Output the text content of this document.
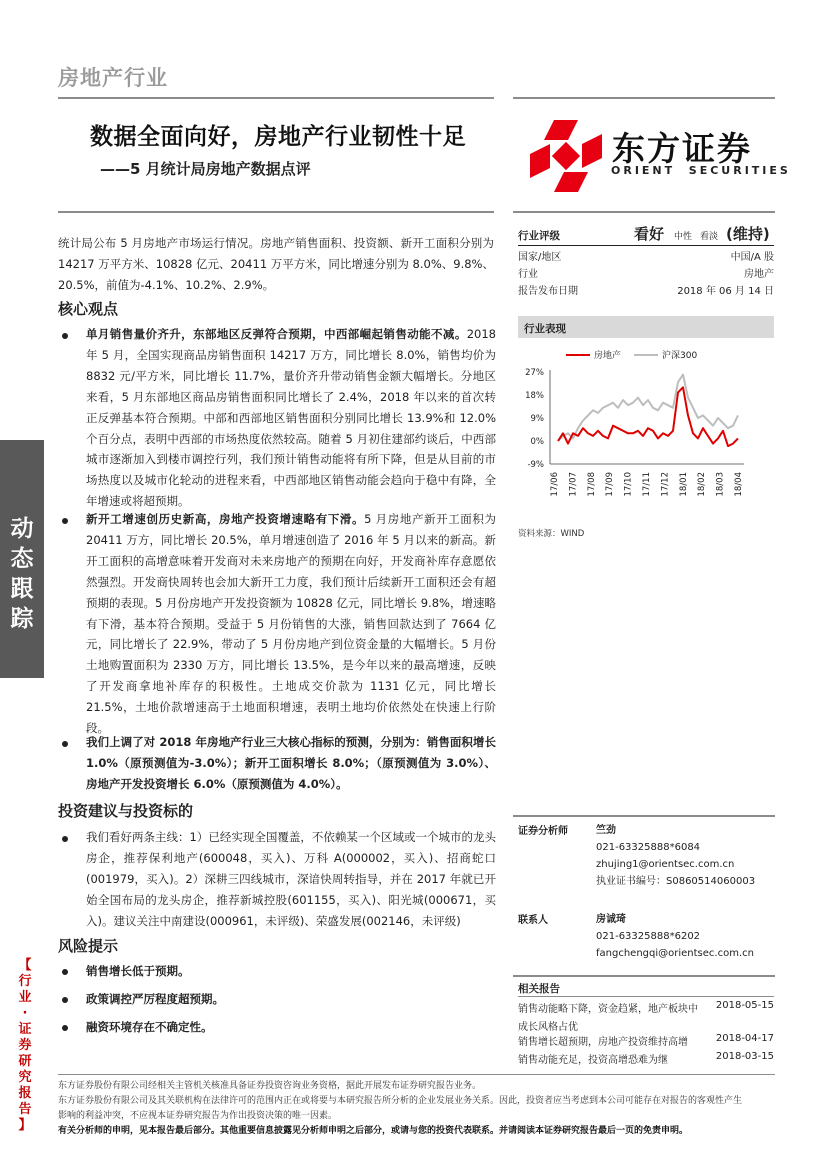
房地产行业
数据全面向好，房地产行业韧性十足
——5 月统计局房地产数据点评
东方证券
ORIENT  SECURITIES
动
态
跟
踪
【
行
业
·
证
券
研
究
报
告
】
统计局公布 5 月房地产市场运行情况。房地产销售面积、投资额、新开工面积分别为 14217 万平方米、10828 亿元、20411 万平方米，同比增速分别为 8.0%、9.8%、20.5%，前值为-4.1%、10.2%、2.9%。
核心观点
单月销售量价齐升，东部地区反弹符合预期，中西部崛起销售动能不减。2018 年 5 月，全国实现商品房销售面积 14217 万方，同比增长 8.0%，销售均价为 8832 元/平方米，同比增长 11.7%，量价齐升带动销售金额大幅增长。分地区来看，5 月东部地区商品房销售面积同比增长了 2.4%，2018 年以来的首次转正反弹基本符合预期。中部和西部地区销售面积分别同比增长 13.9%和 12.0%个百分点，表明中西部的市场热度依然较高。随着 5 月初住建部约谈后，中西部城市逐渐加入到楼市调控行列，我们预计销售动能将有所下降，但是从目前的市场热度以及城市化轮动的进程来看，中西部地区销售动能会趋向于稳中有降，全年增速或将超预期。
新开工增速创历史新高，房地产投资增速略有下滑。5 月房地产新开工面积为 20411 万方，同比增长 20.5%，单月增速创造了 2016 年 5 月以来的新高。新开工面积的高增意味着开发商对未来房地产的预期在向好，开发商补库存意愿依然强烈。开发商快周转也会加大新开工力度，我们预计后续新开工面积还会有超预期的表现。5 月份房地产开发投资额为 10828 亿元，同比增长 9.8%，增速略有下滑，基本符合预期。受益于 5 月份销售的大涨，销售回款达到了 7664 亿元，同比增长了 22.9%，带动了 5 月份房地产到位资金量的大幅增长。5 月份土地购置面积为 2330 万方，同比增长 13.5%，是今年以来的最高增速，反映了开发商拿地补库存的积极性。土地成交价款为 1131 亿元，同比增长 21.5%，土地价款增速高于土地面积增速，表明土地均价依然处在快速上行阶段。
我们上调了对 2018 年房地产行业三大核心指标的预测，分别为：销售面积增长 1.0%（原预测值为-3.0%）；新开工面积增长 8.0%；（原预测值为 3.0%）、房地产开发投资增长 6.0%（原预测值为 4.0%）。
投资建议与投资标的
我们看好两条主线：1）已经实现全国覆盖，不依赖某一个区域或一个城市的龙头房企，推荐保利地产(600048，买入)、万科 A(000002，买入)、招商蛇口(001979，买入)。2）深耕三四线城市，深谙快周转指导，并在 2017 年就已开始全国布局的龙头房企，推荐新城控股(601155，买入)、阳光城(000671，买入)。建议关注中南建设(000961，未评级)、荣盛发展(002146，未评级)
风险提示
销售增长低于预期。
政策调控严厉程度超预期。
融资环境存在不确定性。
行业评级	看好 中性 看淡 (维持)
国家/地区	中国/A 股
行业	房地产
报告发布日期	2018 年 06 月 14 日
行业表现
房地产	沪深300
27%
18%
9%
0%
-9%
17/06 17/07 17/08 17/09 17/10 17/11 17/12 18/01 18/02 18/03 18/04
资料来源：WIND
证券分析师	竺劲
021-63325888*6084
zhujing1@orientsec.com.cn
执业证书编号：S0860514060003
联系人	房诚琦
021-63325888*6202
fangchengqi@orientsec.com.cn
相关报告
销售动能略下降，资金趋紧，地产板块中
成长风格占优
2018-05-15
销售增长超预期，房地产投资维持高增	2018-04-17
销售动能充足，投资高增恐难为继	2018-03-15
东方证券股份有限公司经相关主管机关核准具备证券投资咨询业务资格，据此开展发布证券研究报告业务。
东方证券股份有限公司及其关联机构在法律许可的范围内正在或将要与本研究报告所分析的企业发展业务关系。因此，投资者应当考虑到本公司可能存在对报告的客观性产生
影响的利益冲突，不应视本证券研究报告为作出投资决策的唯一因素。
有关分析师的申明，见本报告最后部分。其他重要信息披露见分析师申明之后部分，或请与您的投资代表联系。并请阅读本证券研究报告最后一页的免责申明。
